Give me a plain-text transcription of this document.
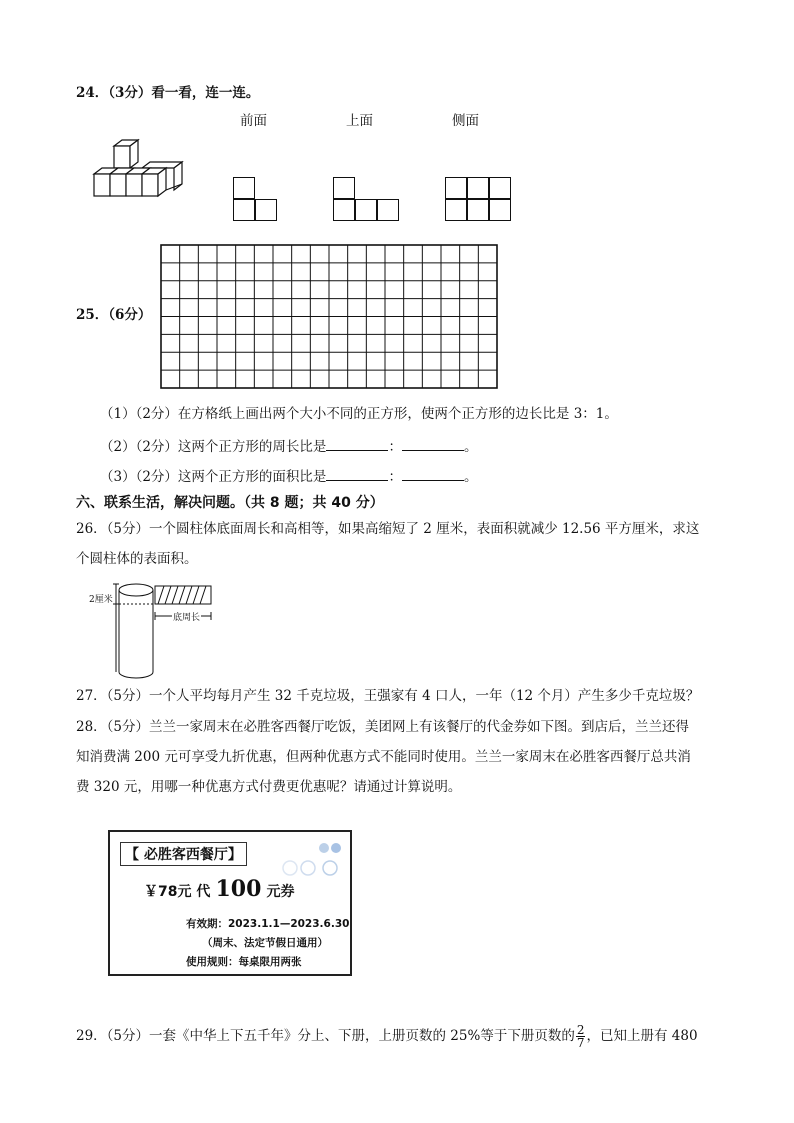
24．（3分）看一看，连一连。
前面	上面	侧面
25．（6分）
（1）（2分）在方格纸上画出两个大小不同的正方形，使两个正方形的边长比是 3：1。
（2）（2分）这两个正方形的周长比是	：	。
（3）（2分）这两个正方形的面积比是	：	。
六、联系生活，解决问题。（共 8 题；共 40 分）
26．（5分）一个圆柱体底面周长和高相等，如果高缩短了 2 厘米，表面积就减少 12.56 平方厘米，求这
个圆柱体的表面积。
2厘米
底周长
27．（5分）一个人平均每月产生 32 千克垃圾，王强家有 4 口人，一年（12 个月）产生多少千克垃圾？
28．（5分）兰兰一家周末在必胜客西餐厅吃饭，美团网上有该餐厅的代金券如下图。到店后，兰兰还得
知消费满 200 元可享受九折优惠，但两种优惠方式不能同时使用。兰兰一家周末在必胜客西餐厅总共消
费 320 元，用哪一种优惠方式付费更优惠呢？请通过计算说明。
【 必胜客西餐厅】
￥78元 代 100 元券
有效期：2023.1.1—2023.6.30
（周末、法定节假日通用）
使用规则：每桌限用两张
29．（5分）一套《中华上下五千年》分上、下册，上册页数的 25%等于下册页数的 $\frac{2}{7}$ ，已知上册有 480
